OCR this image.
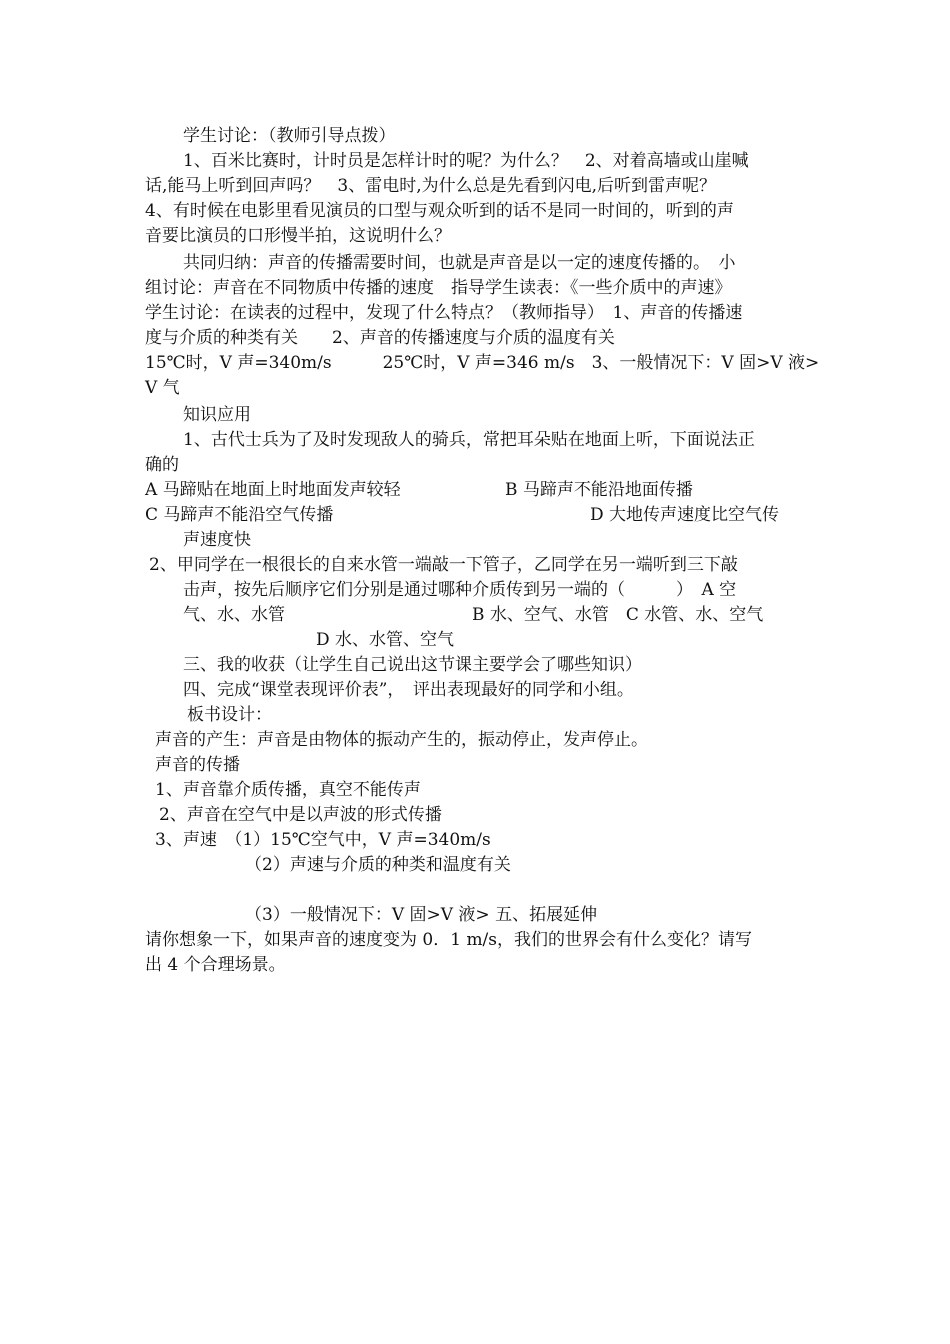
学生讨论：（教师引导点拨）
1、百米比赛时，计时员是怎样计时的呢？为什么？　2、对着高墙或山崖喊
话,能马上听到回声吗？　3、雷电时,为什么总是先看到闪电,后听到雷声呢？
4、有时候在电影里看见演员的口型与观众听到的话不是同一时间的，听到的声
音要比演员的口形慢半拍，这说明什么？
共同归纳：声音的传播需要时间，也就是声音是以一定的速度传播的。　小
组讨论：声音在不同物质中传播的速度　指导学生读表：《一些介质中的声速》
学生讨论：在读表的过程中，发现了什么特点？（教师指导）　1、声音的传播速
度与介质的种类有关　　2、声音的传播速度与介质的温度有关
15℃时，V 声=340m/s　　　25℃时，V 声=346 m/s　3、一般情况下：V 固>V 液>
V 气
知识应用
1、古代士兵为了及时发现敌人的骑兵，常把耳朵贴在地面上听，下面说法正
确的
A 马蹄贴在地面上时地面发声较轻	B 马蹄声不能沿地面传播
C 马蹄声不能沿空气传播	D 大地传声速度比空气传
声速度快
2、甲同学在一根很长的自来水管一端敲一下管子，乙同学在另一端听到三下敲
击声，按先后顺序它们分别是通过哪种介质传到另一端的（　　　）　A 空
气、水、水管	B 水、空气、水管　C 水管、水、空气
D 水、水管、空气
三、我的收获（让学生自己说出这节课主要学会了哪些知识）
四、完成“课堂表现评价表”，　评出表现最好的同学和小组。
板书设计：
声音的产生：声音是由物体的振动产生的，振动停止，发声停止。
声音的传播
1、声音靠介质传播，真空不能传声
2、声音在空气中是以声波的形式传播
3、声速　（1）15℃空气中，V 声=340m/s
（2）声速与介质的种类和温度有关
（3）一般情况下：V 固>V 液> 五、拓展延伸
请你想象一下，如果声音的速度变为 0．1 m/s，我们的世界会有什么变化？请写
出 4 个合理场景。
